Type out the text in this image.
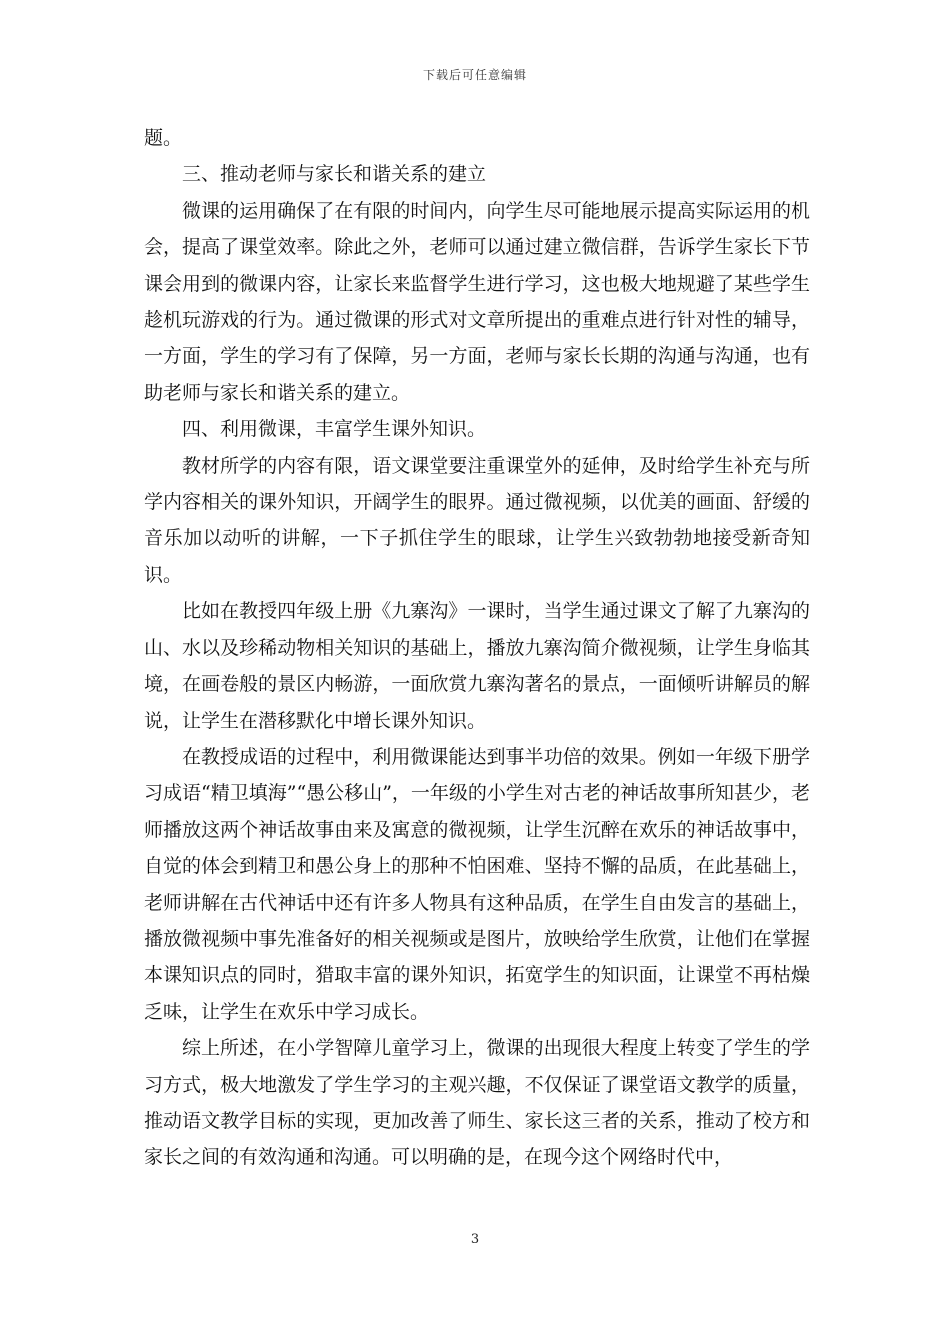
下载后可任意编辑

题。

三、推动老师与家长和谐关系的建立

微课的运用确保了在有限的时间内，向学生尽可能地展示提高实际运用的机会，提高了课堂效率。除此之外，老师可以通过建立微信群，告诉学生家长下节课会用到的微课内容，让家长来监督学生进行学习，这也极大地规避了某些学生趁机玩游戏的行为。通过微课的形式对文章所提出的重难点进行针对性的辅导，一方面，学生的学习有了保障，另一方面，老师与家长长期的沟通与沟通，也有助老师与家长和谐关系的建立。

四、利用微课，丰富学生课外知识。

教材所学的内容有限，语文课堂要注重课堂外的延伸，及时给学生补充与所学内容相关的课外知识，开阔学生的眼界。通过微视频，以优美的画面、舒缓的音乐加以动听的讲解，一下子抓住学生的眼球，让学生兴致勃勃地接受新奇知识。

比如在教授四年级上册《九寨沟》一课时，当学生通过课文了解了九寨沟的山、水以及珍稀动物相关知识的基础上，播放九寨沟简介微视频，让学生身临其境，在画卷般的景区内畅游，一面欣赏九寨沟著名的景点，一面倾听讲解员的解说，让学生在潜移默化中增长课外知识。

在教授成语的过程中，利用微课能达到事半功倍的效果。例如一年级下册学习成语“精卫填海”“愚公移山”，一年级的小学生对古老的神话故事所知甚少，老师播放这两个神话故事由来及寓意的微视频，让学生沉醉在欢乐的神话故事中，自觉的体会到精卫和愚公身上的那种不怕困难、坚持不懈的品质，在此基础上，老师讲解在古代神话中还有许多人物具有这种品质，在学生自由发言的基础上，播放微视频中事先准备好的相关视频或是图片，放映给学生欣赏，让他们在掌握本课知识点的同时，猎取丰富的课外知识，拓宽学生的知识面，让课堂不再枯燥乏味，让学生在欢乐中学习成长。

综上所述，在小学智障儿童学习上，微课的出现很大程度上转变了学生的学习方式，极大地激发了学生学习的主观兴趣，不仅保证了课堂语文教学的质量，推动语文教学目标的实现，更加改善了师生、家长这三者的关系，推动了校方和家长之间的有效沟通和沟通。可以明确的是，在现今这个网络时代中，

3
